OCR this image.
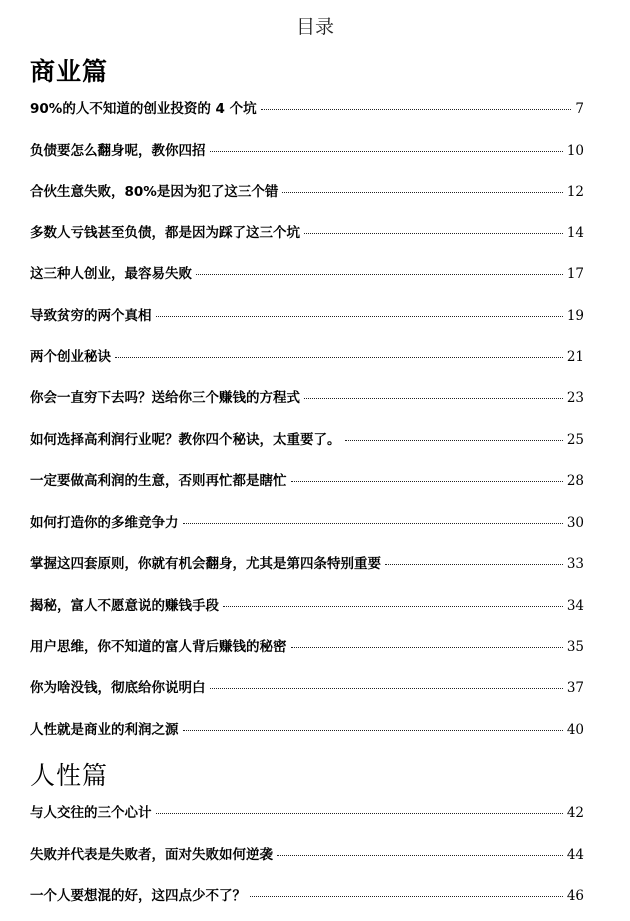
目录
商业篇
90%的人不知道的创业投资的 4 个坑	7
负债要怎么翻身呢，教你四招	10
合伙生意失败，80%是因为犯了这三个错	12
多数人亏钱甚至负债，都是因为踩了这三个坑	14
这三种人创业，最容易失败	17
导致贫穷的两个真相	19
两个创业秘诀	21
你会一直穷下去吗？送给你三个赚钱的方程式	23
如何选择高利润行业呢？教你四个秘诀，太重要了。	25
一定要做高利润的生意，否则再忙都是瞎忙	28
如何打造你的多维竞争力	30
掌握这四套原则，你就有机会翻身，尤其是第四条特别重要	33
揭秘，富人不愿意说的赚钱手段	34
用户思维，你不知道的富人背后赚钱的秘密	35
你为啥没钱，彻底给你说明白	37
人性就是商业的利润之源	40
人性篇
与人交往的三个心计	42
失败并代表是失败者，面对失败如何逆袭	44
一个人要想混的好，这四点少不了？	46
